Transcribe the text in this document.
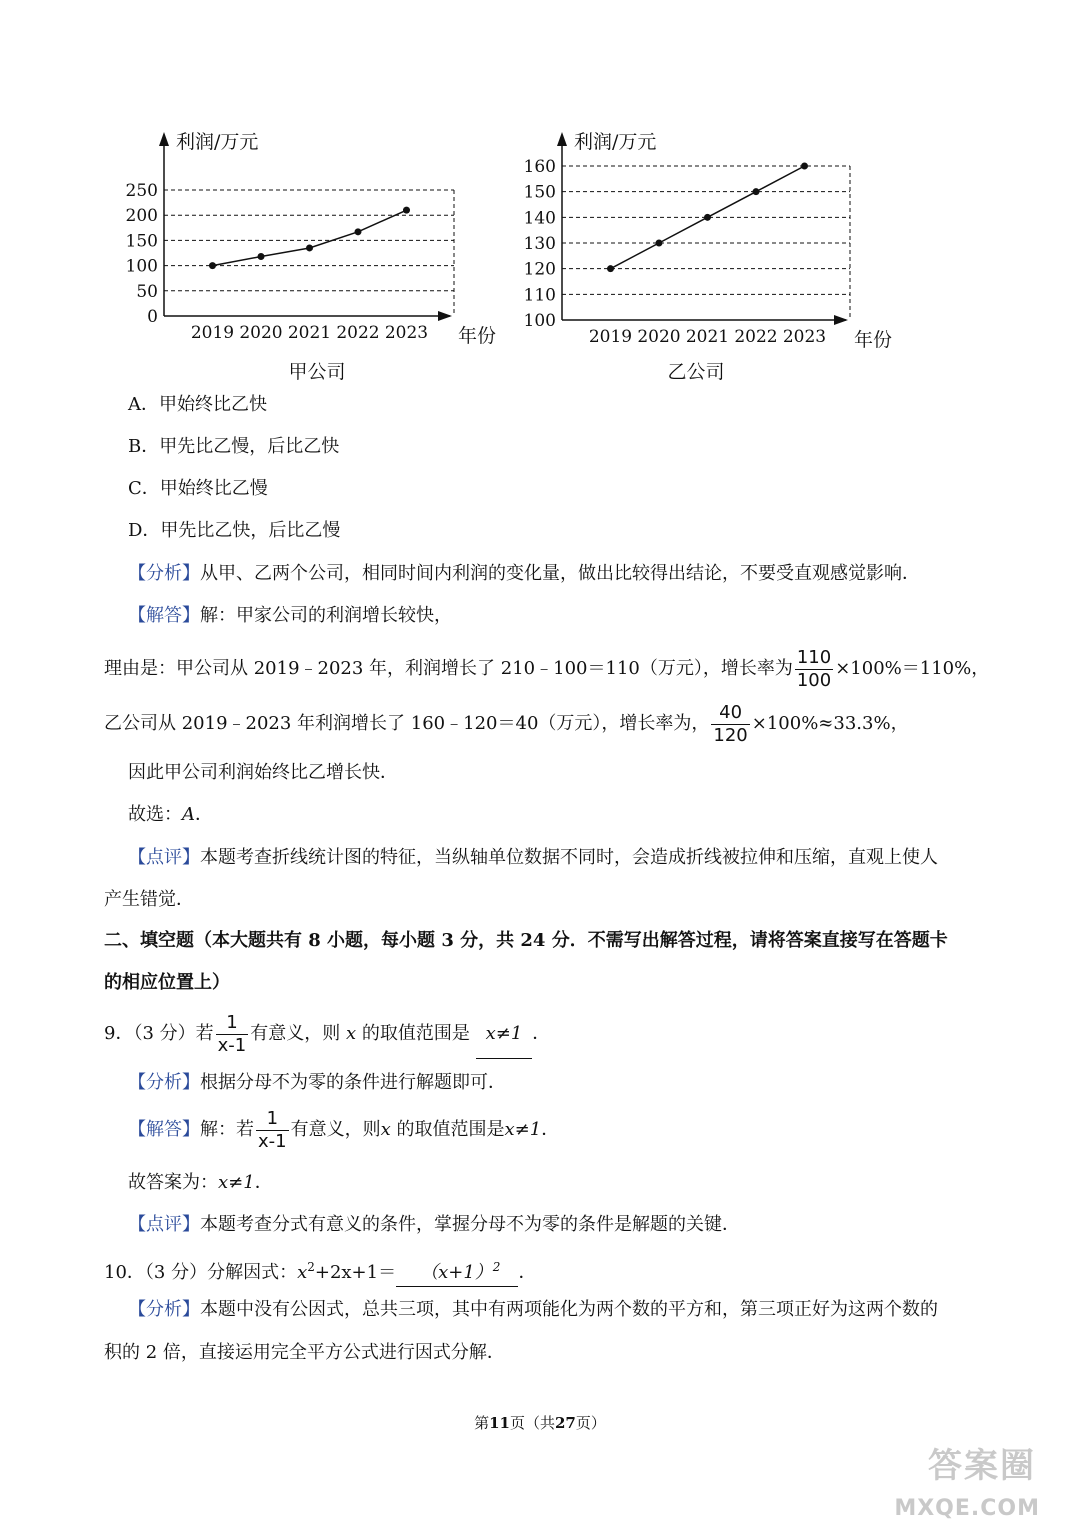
0
50
100
150
200
250
2019 2020 2021 2022 2023
利润/万元
年份
甲公司
100
110
120
130
140
150
160
2019 2020 2021 2022 2023
利润/万元
年份
乙公司
A．甲始终比乙快
B．甲先比乙慢，后比乙快
C．甲始终比乙慢
D．甲先比乙快，后比乙慢
【分析】从甲、乙两个公司，相同时间内利润的变化量，做出比较得出结论，不要受直观感觉影响．
【解答】解：甲家公司的利润增长较快，
理由是：甲公司从 2019﹣2023 年，利润增长了 210﹣100＝110（万元），增长率为 $\frac{110}{100} \times 100\%=110\%$，
乙公司从 2019﹣2023 年利润增长了 160﹣120＝40（万元），增长率为， $\frac{40}{120} \times 100\%\approx 33.3\%$，
因此甲公司利润始终比乙增长快．
故选：A．
【点评】本题考查折线统计图的特征，当纵轴单位数据不同时，会造成折线被拉伸和压缩，直观上使人
产生错觉．
二、填空题（本大题共有 8 小题，每小题 3 分，共 24 分．不需写出解答过程，请将答案直接写在答题卡
的相应位置上）
9．（3 分）若 $\frac{1}{x-1}$ 有意义，则 x 的取值范围是 x≠1 ．
【分析】根据分母不为零的条件进行解题即可．
【解答】解：若 $\frac{1}{x-1}$ 有意义，则x 的取值范围是x≠1．
故答案为：x≠1．
【点评】本题考查分式有意义的条件，掌握分母不为零的条件是解题的关键．
10．（3 分）分解因式：$x^2+2x+1= (x+1)^2$ ．
【分析】本题中没有公因式，总共三项，其中有两项能化为两个数的平方和，第三项正好为这两个数的
积的 2 倍，直接运用完全平方公式进行因式分解．
第11页（共27页）
答案圈
MXQE.COM
